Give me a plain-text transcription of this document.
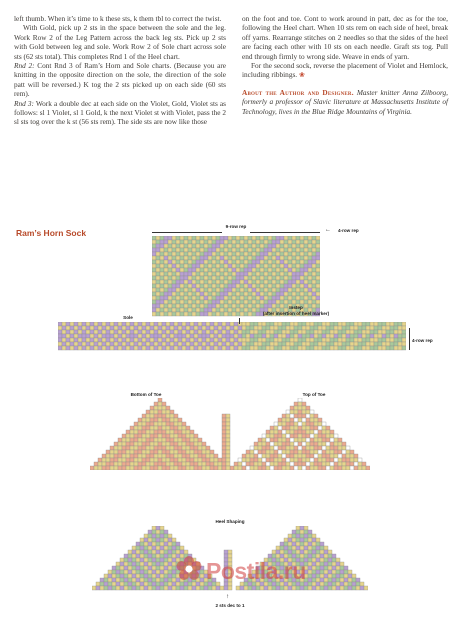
left thumb. When it’s time to k these sts, k them tbl to correct the twist.

With Gold, pick up 2 sts in the space between the sole and the leg. Work Row 2 of the Leg Pattern across the back leg sts. Pick up 2 sts with Gold between leg and sole. Work Row 2 of Sole chart across sole sts (62 sts total). This completes Rnd 1 of the Heel chart.

Rnd 2: Cont Rnd 3 of Ram’s Horn and Sole charts. (Because you are knitting in the opposite direction on the sole, the direction of the sole patt will be reversed.) K tog the 2 sts picked up on each side (60 sts rem).

Rnd 3: Work a double dec at each side on the Violet, Gold, Violet sts as follows: sl 1 Violet, sl 1 Gold, k the next Violet st with Violet, pass the 2 sl sts tog over the k st (56 sts rem). The side sts are now like those

on the foot and toe. Cont to work around in patt, dec as for the toe, following the Heel chart. When 10 sts rem on each side of heel, break off yarns. Rearrange stitches on 2 needles so that the sides of the heel are facing each other with 10 sts on each needle. Graft sts tog. Pull end through firmly to wrong side. Weave in ends of yarn.

For the second sock, reverse the placement of Violet and Hemlock, including ribbings. ❀

About the Author and Designer. Master knitter Anna Zilboorg, formerly a professor of Slavic literature at Massachusetts Institute of Technology, lives in the Blue Ridge Mountains of Virginia.

Ram’s Horn Sock
9-row rep
4-row rep
←
Sole
Instep
(after insertion of heel marker)
4-row rep
Bottom of Toe	Top of Toe
Heel Shaping
↑
2 sts dec to 1
Postila.ru
